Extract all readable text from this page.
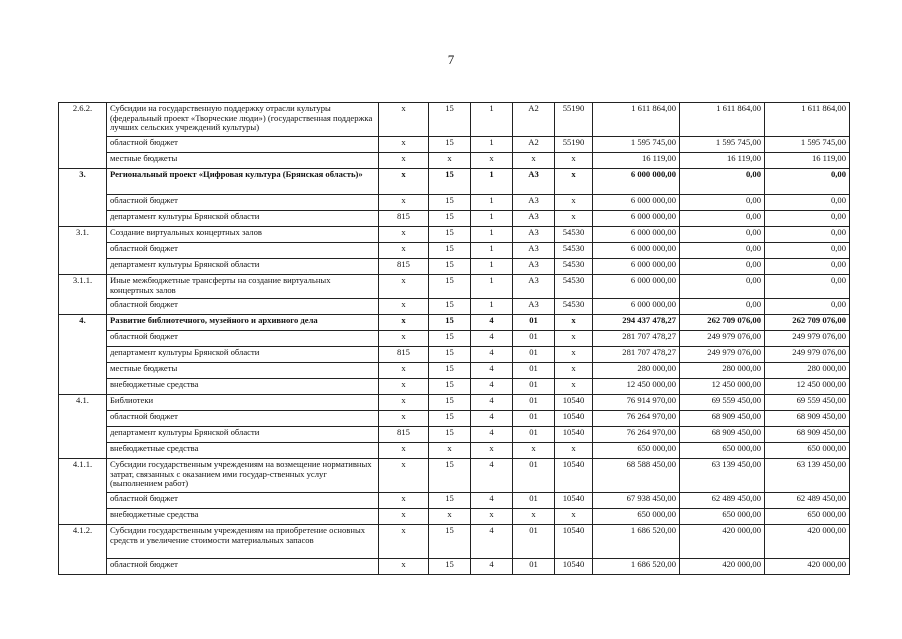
7
2.6.2.	Субсидии на государственную поддержку отрасли культуры (федеральный проект «Творческие люди») (государственная поддержка лучших сельских учреждений культуры)	х	15	1	А2	55190	1 611 864,00	1 611 864,00	1 611 864,00
	областной бюджет	х	15	1	А2	55190	1 595 745,00	1 595 745,00	1 595 745,00
	местные бюджеты	х	х	х	х	х	16 119,00	16 119,00	16 119,00
3.	Региональный проект «Цифровая культура (Брянская область)»	х	15	1	А3	х	6 000 000,00	0,00	0,00
	областной бюджет	х	15	1	А3	х	6 000 000,00	0,00	0,00
	департамент культуры Брянской области	815	15	1	А3	х	6 000 000,00	0,00	0,00
3.1.	Создание виртуальных концертных залов	х	15	1	А3	54530	6 000 000,00	0,00	0,00
	областной бюджет	х	15	1	А3	54530	6 000 000,00	0,00	0,00
	департамент культуры Брянской области	815	15	1	А3	54530	6 000 000,00	0,00	0,00
3.1.1.	Иные межбюджетные трансферты на создание виртуальных концертных залов	х	15	1	А3	54530	6 000 000,00	0,00	0,00
	областной бюджет	х	15	1	А3	54530	6 000 000,00	0,00	0,00
4.	Развитие библиотечного, музейного и архивного дела	х	15	4	01	х	294 437 478,27	262 709 076,00	262 709 076,00
	областной бюджет	х	15	4	01	х	281 707 478,27	249 979 076,00	249 979 076,00
	департамент культуры Брянской области	815	15	4	01	х	281 707 478,27	249 979 076,00	249 979 076,00
	местные бюджеты	х	15	4	01	х	280 000,00	280 000,00	280 000,00
	внебюджетные средства	х	15	4	01	х	12 450 000,00	12 450 000,00	12 450 000,00
4.1.	Библиотеки	х	15	4	01	10540	76 914 970,00	69 559 450,00	69 559 450,00
	областной бюджет	х	15	4	01	10540	76 264 970,00	68 909 450,00	68 909 450,00
	департамент культуры Брянской области	815	15	4	01	10540	76 264 970,00	68 909 450,00	68 909 450,00
	внебюджетные средства	х	х	х	х	х	650 000,00	650 000,00	650 000,00
4.1.1.	Субсидии государственным учреждениям на возмещение нормативных затрат, связанных с оказанием ими государ-ственных услуг (выполнением работ)	х	15	4	01	10540	68 588 450,00	63 139 450,00	63 139 450,00
	областной бюджет	х	15	4	01	10540	67 938 450,00	62 489 450,00	62 489 450,00
	внебюджетные средства	х	х	х	х	х	650 000,00	650 000,00	650 000,00
4.1.2.	Субсидии государственным учреждениям на приобретение основных средств и увеличение стоимости материальных запасов	х	15	4	01	10540	1 686 520,00	420 000,00	420 000,00
	областной бюджет	х	15	4	01	10540	1 686 520,00	420 000,00	420 000,00
